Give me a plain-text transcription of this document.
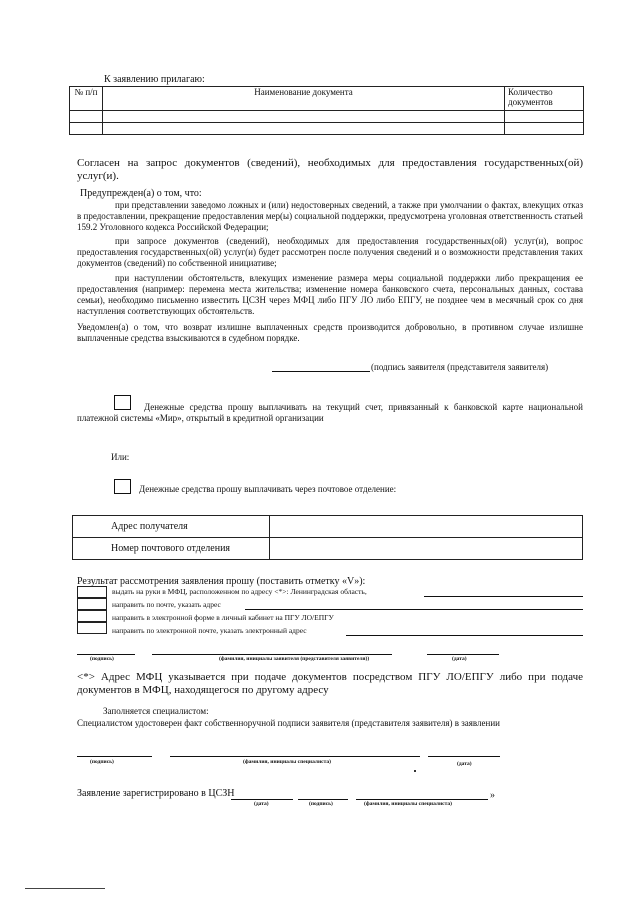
К заявлению прилагаю:
№ п/п	Наименование документа	Количество документов

Согласен на запрос документов (сведений), необходимых для предоставления государственных(ой) услуг(и).
Предупрежден(а) о том, что:
при представлении заведомо ложных и (или) недостоверных сведений, а также при умолчании о фактах, влекущих отказ в предоставлении, прекращение предоставления мер(ы) социальной поддержки, предусмотрена уголовная ответственность статьей 159.2 Уголовного кодекса Российской Федерации;
при запросе документов (сведений), необходимых для предоставления государственных(ой) услуг(и), вопрос предоставления государственных(ой) услуг(и) будет рассмотрен после получения сведений и о возможности представления таких документов (сведений) по собственной инициативе;
при наступлении обстоятельств, влекущих изменение размера меры социальной поддержки либо прекращения ее предоставления (например: перемена места жительства; изменение номера банковского счета, персональных данных, состава семьи), необходимо письменно известить ЦСЗН через МФЦ либо ПГУ ЛО либо ЕПГУ, не позднее чем в месячный срок со дня наступления соответствующих обстоятельств.
Уведомлен(а) о том, что возврат излишне выплаченных средств производится добровольно, в противном случае излишне выплаченные средства взыскиваются в судебном порядке.
(подпись заявителя (представителя заявителя)
Денежные средства прошу выплачивать на текущий счет, привязанный к банковской карте национальной платежной системы «Мир», открытый в кредитной организации
Или:
Денежные средства прошу выплачивать через почтовое отделение:
Адрес получателя	
Номер почтового отделения	
Результат рассмотрения заявления прошу (поставить отметку «V»):
выдать на руки в МФЦ, расположенном по адресу <*>: Ленинградская область,
направить по почте, указать адрес
направить в электронной форме в личный кабинет на ПГУ ЛО/ЕПГУ
направить по электронной почте, указать электронный адрес
(подпись)	(фамилия, инициалы заявителя (представителя заявителя))	(дата)
<*> Адрес МФЦ указывается при подаче документов посредством ПГУ ЛО/ЕПГУ либо при подаче документов в МФЦ, находящегося по другому адресу
Заполняется специалистом:
Специалистом удостоверен факт собственноручной подписи заявителя (представителя заявителя) в заявлении
(подпись)	(фамилия, инициалы специалиста)	(дата)
Заявление зарегистрировано в ЦСЗН	»
(дата)	(подпись)	(фамилия, инициалы специалиста)
